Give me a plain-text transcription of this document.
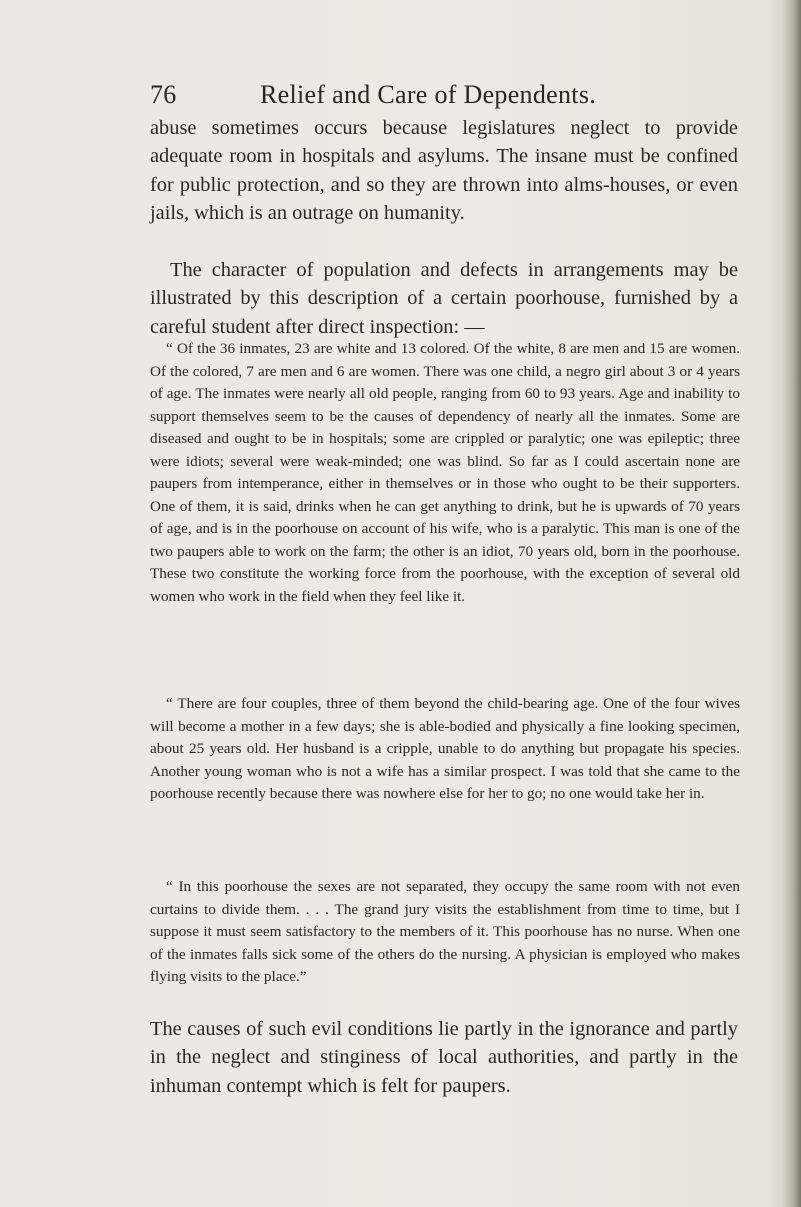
76	Relief and Care of Dependents.

abuse sometimes occurs because legislatures neglect to provide adequate room in hospitals and asylums. The insane must be confined for public protection, and so they are thrown into alms-houses, or even jails, which is an outrage on humanity.

The character of population and defects in arrangements may be illustrated by this description of a certain poorhouse, furnished by a careful student after direct inspection: —

“ Of the 36 inmates, 23 are white and 13 colored. Of the white, 8 are men and 15 are women. Of the colored, 7 are men and 6 are women. There was one child, a negro girl about 3 or 4 years of age. The inmates were nearly all old people, ranging from 60 to 93 years. Age and inability to support themselves seem to be the causes of dependency of nearly all the inmates. Some are diseased and ought to be in hospitals; some are crippled or paralytic; one was epileptic; three were idiots; several were weak-minded; one was blind. So far as I could ascertain none are paupers from intemperance, either in themselves or in those who ought to be their supporters. One of them, it is said, drinks when he can get anything to drink, but he is upwards of 70 years of age, and is in the poorhouse on account of his wife, who is a paralytic. This man is one of the two paupers able to work on the farm; the other is an idiot, 70 years old, born in the poorhouse. These two constitute the working force from the poorhouse, with the exception of several old women who work in the field when they feel like it.

“ There are four couples, three of them beyond the child-bearing age. One of the four wives will become a mother in a few days; she is able-bodied and physically a fine looking specimen, about 25 years old. Her husband is a cripple, unable to do anything but propagate his species. Another young woman who is not a wife has a similar prospect. I was told that she came to the poorhouse recently because there was nowhere else for her to go; no one would take her in.

“ In this poorhouse the sexes are not separated, they occupy the same room with not even curtains to divide them. . . . The grand jury visits the establishment from time to time, but I suppose it must seem satisfactory to the members of it. This poorhouse has no nurse. When one of the inmates falls sick some of the others do the nursing. A physician is employed who makes flying visits to the place.”

The causes of such evil conditions lie partly in the ignorance and partly in the neglect and stinginess of local authorities, and partly in the inhuman contempt which is felt for paupers.
